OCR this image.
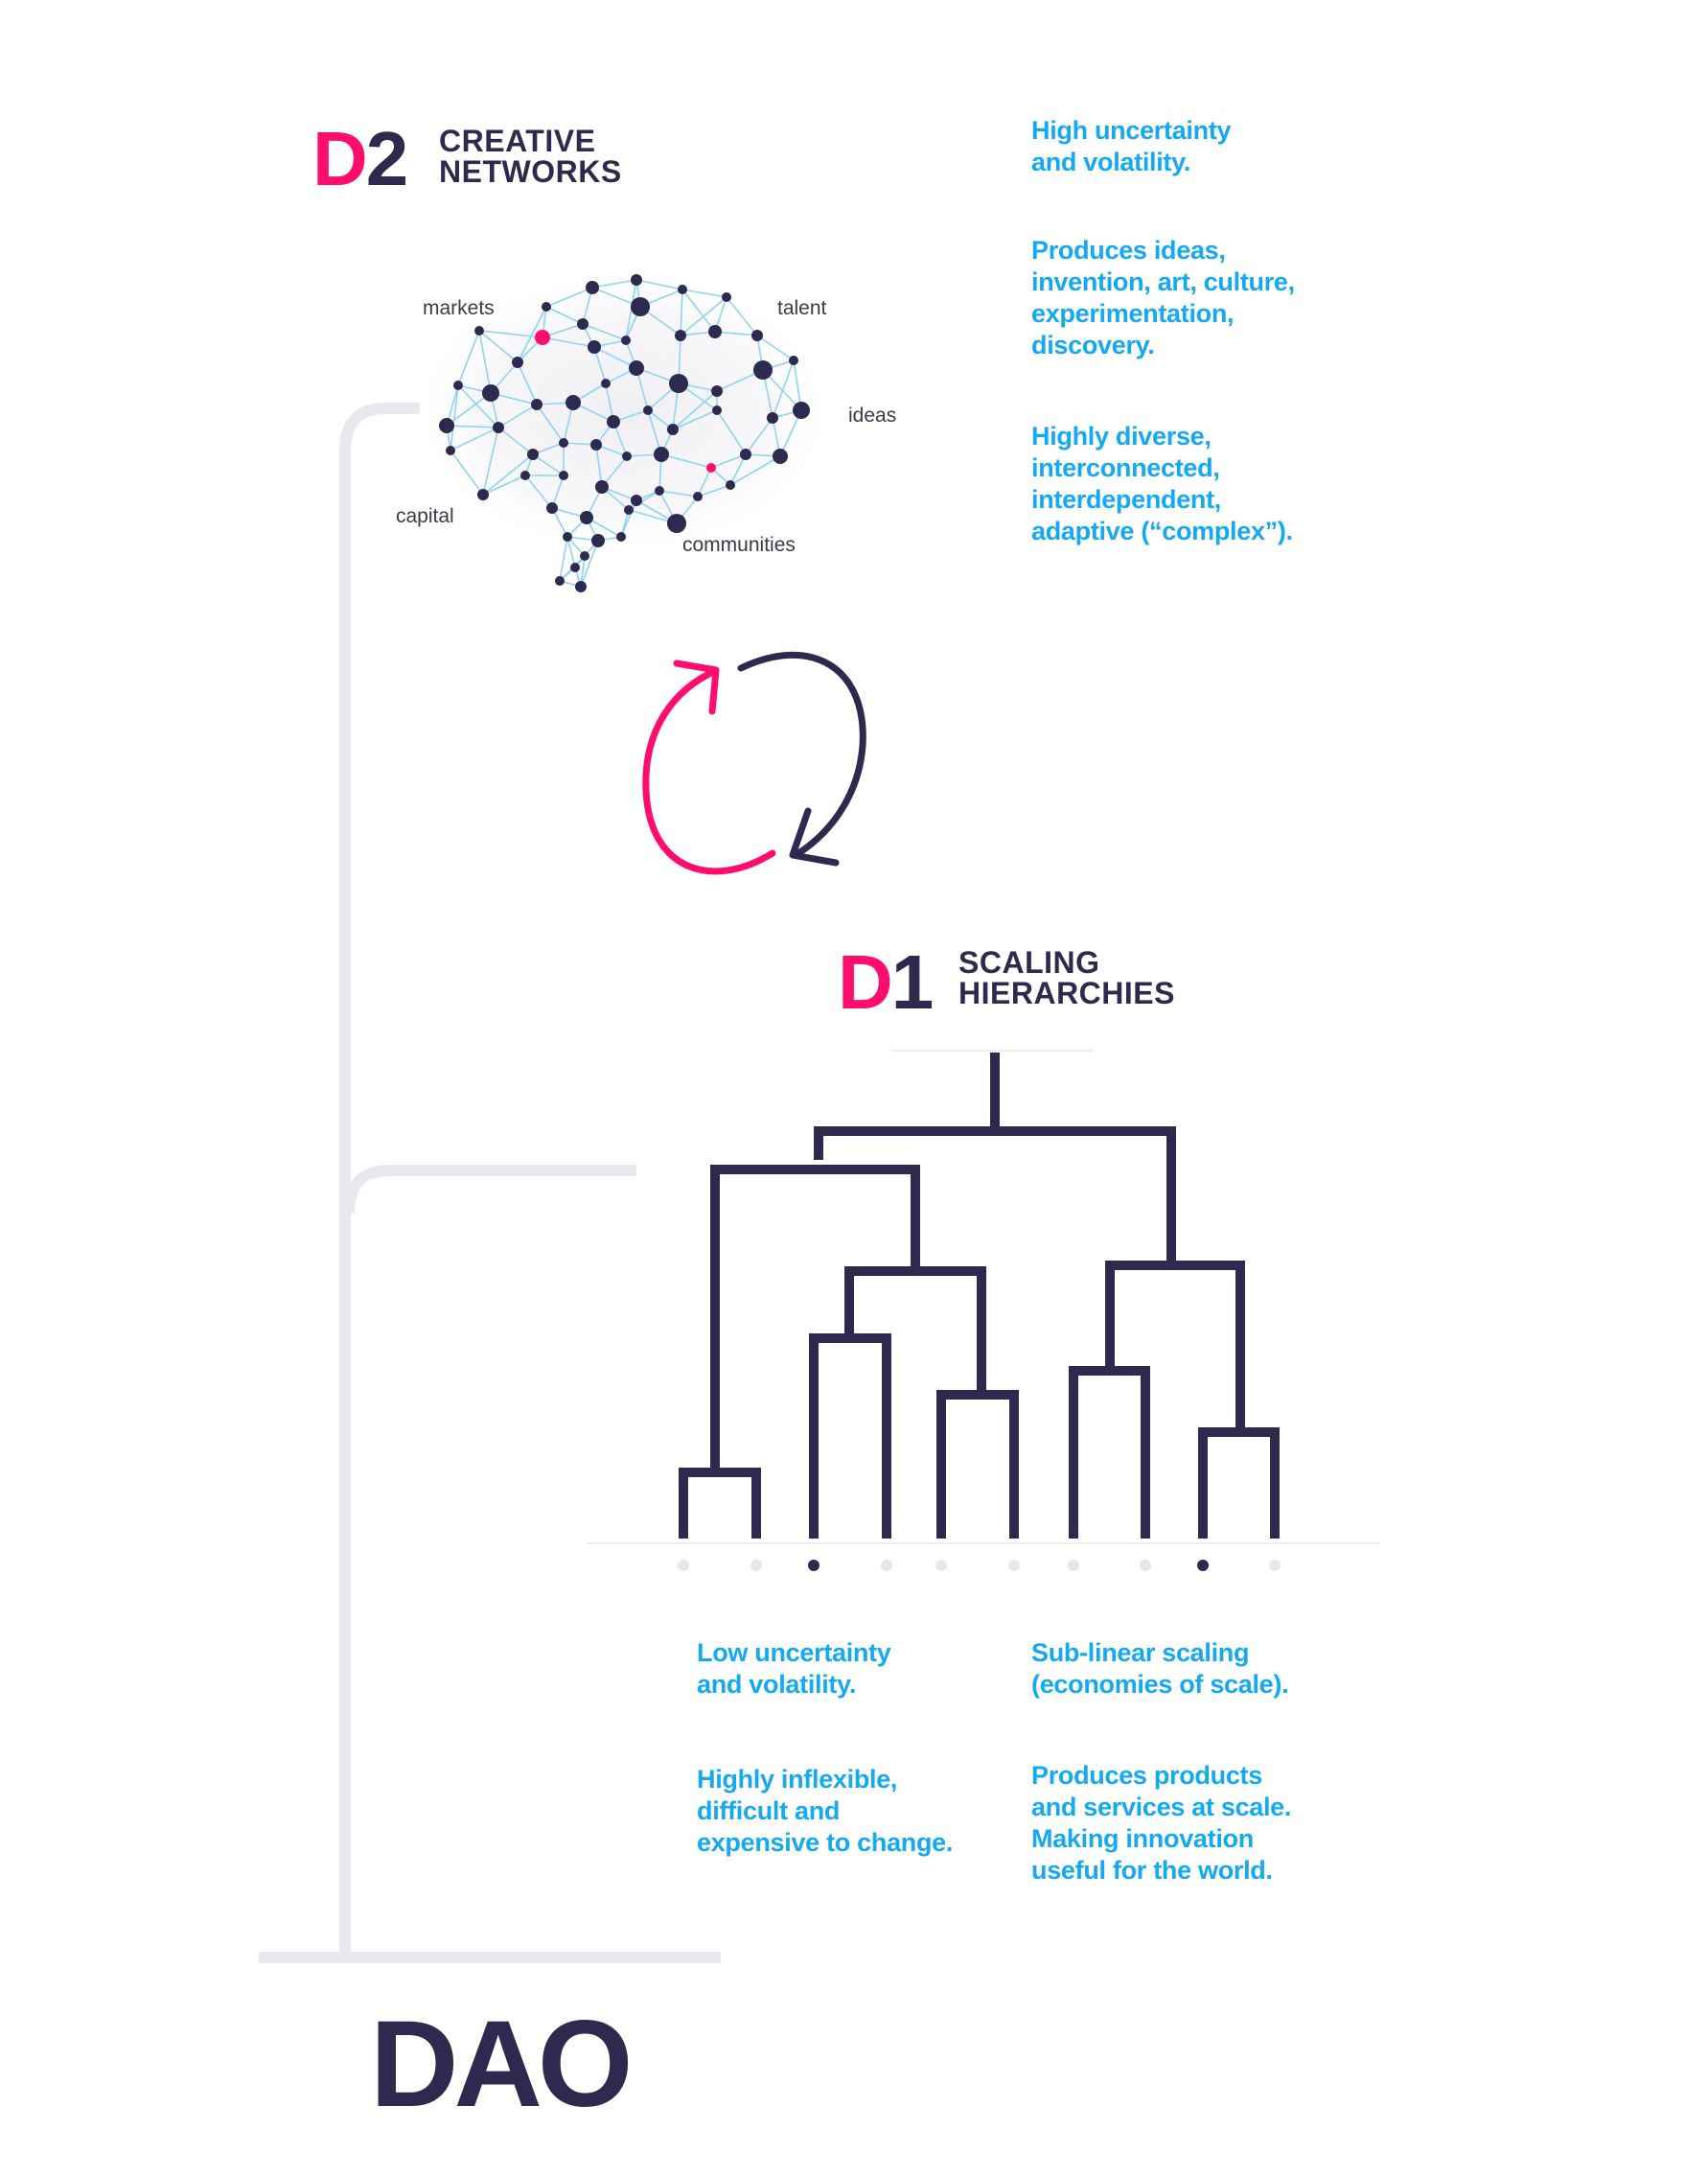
D2 CREATIVE
NETWORKS

High uncertainty
and volatility.

Produces ideas,
invention, art, culture,
experimentation,
discovery.

Highly diverse,
interconnected,
interdependent,
adaptive (“complex”).

markets	talent
ideas
capital
communities
D1 SCALING
HIERARCHIES

Low uncertainty
and volatility.

Highly inflexible,
difficult and
expensive to change.

Sub-linear scaling
(economies of scale).

Produces products
and services at scale.
Making innovation
useful for the world.

DAO
